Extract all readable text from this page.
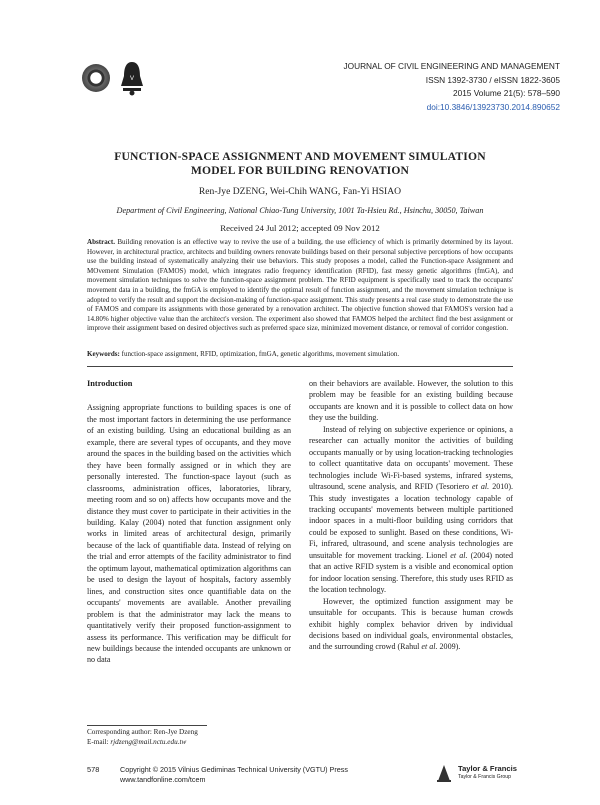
V
JOURNAL OF CIVIL ENGINEERING AND MANAGEMENT
ISSN 1392-3730 / eISSN 1822-3605
2015 Volume 21(5): 578–590
doi:10.3846/13923730.2014.890652
FUNCTION-SPACE ASSIGNMENT AND MOVEMENT SIMULATION
MODEL FOR BUILDING RENOVATION
Ren-Jye DZENG, Wei-Chih WANG, Fan-Yi HSIAO
Department of Civil Engineering, National Chiao-Tung University, 1001 Ta-Hsieu Rd., Hsinchu, 30050, Taiwan
Received 24 Jul 2012; accepted 09 Nov 2012
Abstract. Building renovation is an effective way to revive the use of a building, the use efficiency of which is primarily determined by its layout. However, in architectural practice, architects and building owners renovate buildings based on their personal subjective perceptions of how occupants use the building instead of systematically analyzing their use behaviors. This study proposes a model, called the Function-space Assignment and MOvement Simulation (FAMOS) model, which integrates radio frequency identification (RFID), fast messy genetic algorithms (fmGA), and movement simulation techniques to solve the function-space assignment problem. The RFID equipment is specifically used to track the occupants' movement data in a building, the fmGA is employed to identify the optimal result of function assignment, and the movement simulation technique is adopted to verify the result and support the decision-making of function-space assignment. This study presents a real case study to demonstrate the use of FAMOS and compare its assignments with those generated by a renovation architect. The objective function showed that FAMOS's version had a 14.80% higher objective value than the architect's version. The experiment also showed that FAMOS helped the architect find the best assignment or improve their assignment based on desired objectives such as preferred space size, minimized movement distance, or removal of corridor congestion.
Keywords: function-space assignment, RFID, optimization, fmGA, genetic algorithms, movement simulation.
Introduction

Assigning appropriate functions to building spaces is one of the most important factors in determining the use performance of an existing building. Using an educational building as an example, there are several types of occupants, and they move around the spaces in the building based on the activities which they have been formally assigned or in which they are personally interested. The function-space layout (such as classrooms, administration offices, laboratories, library, meeting room and so on) affects how occupants move and the distance they must cover to participate in their activities in the building. Kalay (2004) noted that function assignment only works in limited areas of architectural design, primarily because of the lack of quantifiable data. Instead of relying on the trial and error attempts of the facility administrator to find the optimum layout, mathematical optimization algorithms can be used to design the layout of hospitals, factory assembly lines, and construction sites once quantifiable data on the occupants' movements are available. Another prevailing problem is that the administrator may lack the means to quantitatively verify their proposed function-assignment to assess its performance. This verification may be difficult for new buildings because the intended occupants are unknown or no data

on their behaviors are available. However, the solution to this problem may be feasible for an existing building because occupants are known and it is possible to collect data on how they use the building.

Instead of relying on subjective experience or opinions, a researcher can actually monitor the activities of building occupants manually or by using location-tracking technologies to collect quantitative data on occupants' movement. These technologies include Wi-Fi-based systems, infrared systems, ultrasound, scene analysis, and RFID (Tesoriero et al. 2010). This study investigates a location technology capable of tracking occupants' movements between multiple partitioned indoor spaces in a multi-floor building using corridors that could be exposed to sunlight. Based on these conditions, Wi-Fi, infrared, ultrasound, and scene analysis technologies are unsuitable for movement tracking. Lionel et al. (2004) noted that an active RFID system is a visible and economical option for indoor location sensing. Therefore, this study uses RFID as the location technology.

However, the optimized function assignment may be unsuitable for occupants. This is because human crowds exhibit highly complex behavior driven by individual decisions based on individual goals, environmental obstacles, and the surrounding crowd (Rahul et al. 2009).

Corresponding author: Ren-Jye Dzeng
E-mail: rjdzeng@mail.nctu.edu.tw
578	Copyright © 2015 Vilnius Gediminas Technical University (VGTU) Press
www.tandfonline.com/tcem
Taylor & Francis
Taylor & Francis Group
